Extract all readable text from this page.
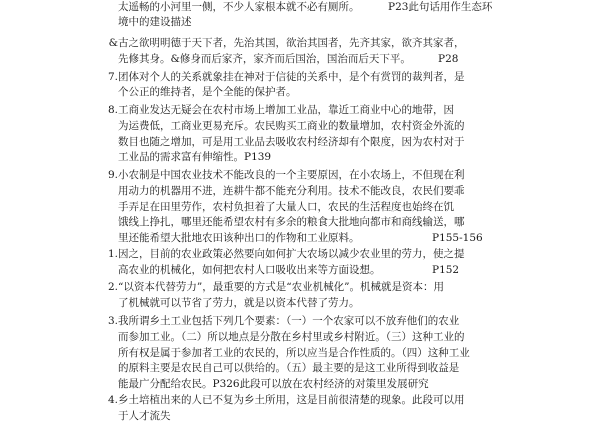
太遥畅的小河里一侧，不少人家根本就不必有厕所。	P23此句话用作生态环
境中的建设描述
& 古之欲明明德于天下者，先治其国，欲治其国者，先齐其家，欲齐其家者，
先修其身。&修身而后家齐，家齐而后国治，国治而后天下平。	P28
7. 团体对个人的关系就象挂在神对于信徒的关系中，是个有赏罚的裁判者，是
个公正的维持者，是个全能的保护者。
8. 工商业发达无疑会在农村市场上增加工业品，靠近工商业中心的地带，因
为运费低，工商业更易充斥。农民购买工商业的数量增加，农村资金外流的
数目也随之增加，可是用工业品去吸收农村经济却有个限度，因为农村对于
工业品的需求富有伸缩性。P139
9. 小农制是中国农业技术不能改良的一个主要原因，在小农场上，不但现在利
用动力的机器用不进，连耕牛都不能充分利用。技术不能改良，农民们要乖
手弄足在田里劳作，农村负担着了大量人口，农民的生活程度也始终在饥
饿线上挣扎，哪里还能希望农村有多余的粮食大批地向都市和商线输送，哪
里还能希望大批地农田该种出口的作物和工业原料。	P155-156
1. 因之，目前的农业政策必然要向如何扩大农场以减少农业里的劳力，使之提
高农业的机械化，如何把农村人口吸收出来等方面设想。	P152
2. “以资本代替劳力”，最重要的方式是“农业机械化”。机械就是资本：用
了机械就可以节省了劳力，就是以资本代替了劳力。
3. 我所谓乡土工业包括下列几个要素：（一）一个农家可以不放弃他们的农业
而参加工业。（二）所以地点是分散在乡村里或乡村附近。（三）这种工业的
所有权是属于参加者工业的农民的，所以应当是合作性质的。（四）这种工业
的原料主要是农民自己可以供给的。（五）最主要的是这工业所得到收益是
能最广分配给农民。P326此段可以放在农村经济的对策里发展研究
4. 乡土培植出来的人已不复为乡土所用，这是目前很清楚的现象。此段可以用
于人才流失
